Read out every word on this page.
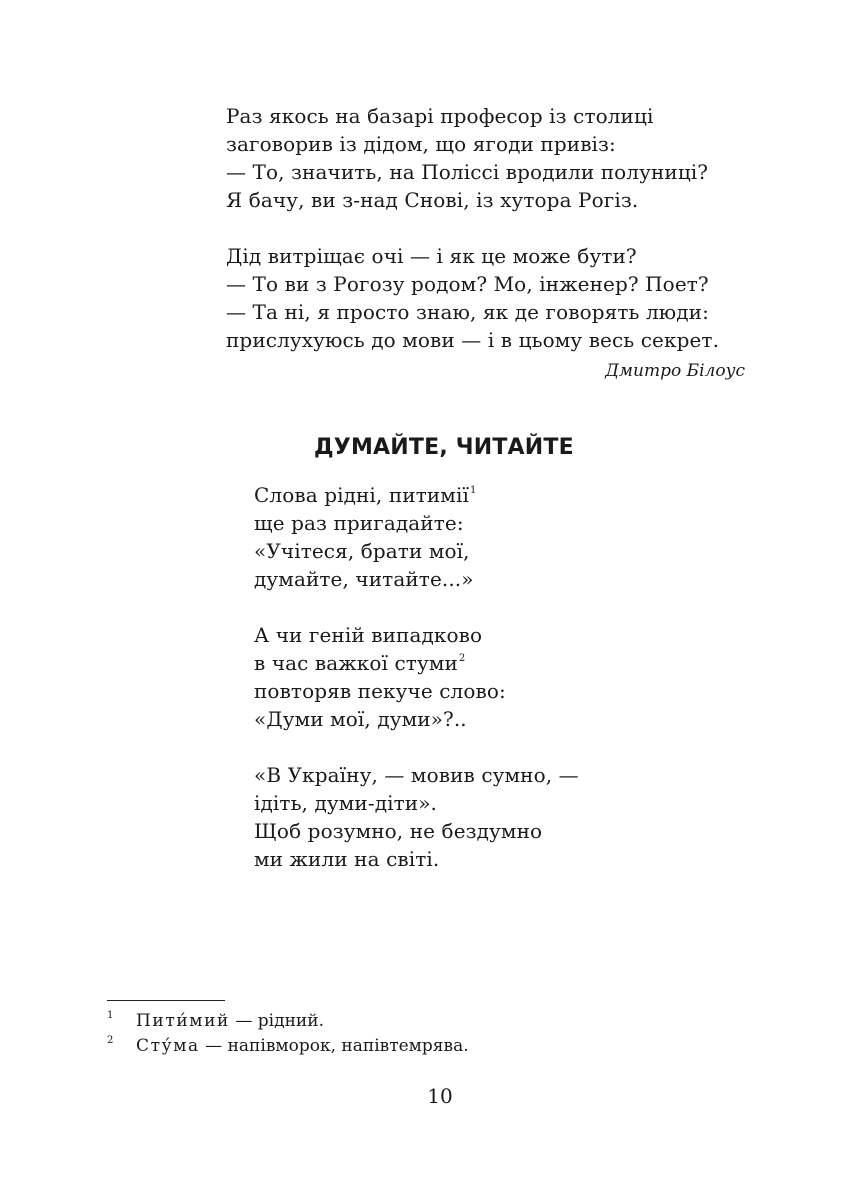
Раз якось на базарі професор із столиці
заговорив із дідом, що ягоди привіз:
— То, значить, на Поліссі вродили полуниці?
Я бачу, ви з-над Снові, із хутора Рогіз.
Дід витріщає очі — і як це може бути?
— То ви з Рогозу родом? Мо, інженер? Поет?
— Та ні, я просто знаю, як де говорять люди:
прислухуюсь до мови — і в цьому весь секрет.
Дмитро Білоус
ДУМАЙТЕ, ЧИТАЙТЕ
Слова рідні, питимії$^1$
ще раз пригадайте:
«Учітеся, брати мої,
думайте, читайте...»
А чи геній випадково
в час важкої стуми$^2$
повторяв пекуче слово:
«Думи мої, думи»?..
«В Україну, — мовив сумно, —
ідіть, думи-діти».
Щоб розумно, не бездумно
ми жили на світі.
1 Пити́мий — рідний.
2 Сту́ма — напівморок, напівтемрява.
10
